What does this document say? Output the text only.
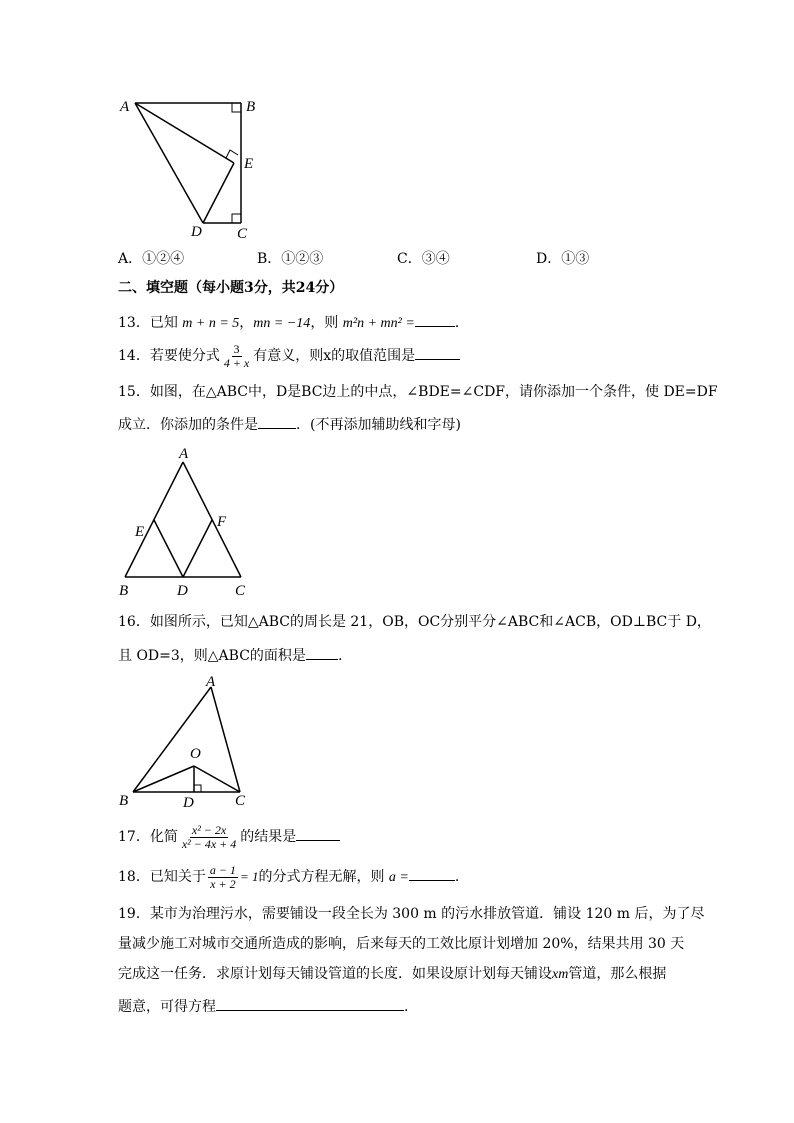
A	B
E
D C
A．①②④	B．①②③	C．③④	D．①③
二、填空题（每小题3分，共24分）
13．已知 m + n = 5，mn = −14，则 m²n + mn² =	.
14．若要使分式 $\frac{3}{4 + x}$ 有意义，则x的取值范围是
15．如图，在△ABC中，D是BC边上的中点，∠BDE=∠CDF，请你添加一个条件，使 DE=DF
成立．你添加的条件是	．(不再添加辅助线和字母)
A
E
F
B	D	C
16．如图所示，已知△ABC的周长是 21，OB，OC分别平分∠ABC和∠ACB，OD⊥BC于 D，
且 OD=3，则△ABC的面积是 .
A
O
B	D	C
17．化简 $\frac{\text{x² − 2x}}{\text{x² − 4x + 4}}$ 的结果是
18．已知关于 $\frac{a - 1}{x + 2} = 1$的分式方程无解，则 a =	.
19．某市为治理污水，需要铺设一段全长为 300 m 的污水排放管道．铺设 120 m 后，为了尽
量减少施工对城市交通所造成的影响，后来每天的工效比原计划增加 20%，结果共用 30 天
完成这一任务．求原计划每天铺设管道的长度．如果设原计划每天铺设xm管道，那么根据
题意，可得方程	.
